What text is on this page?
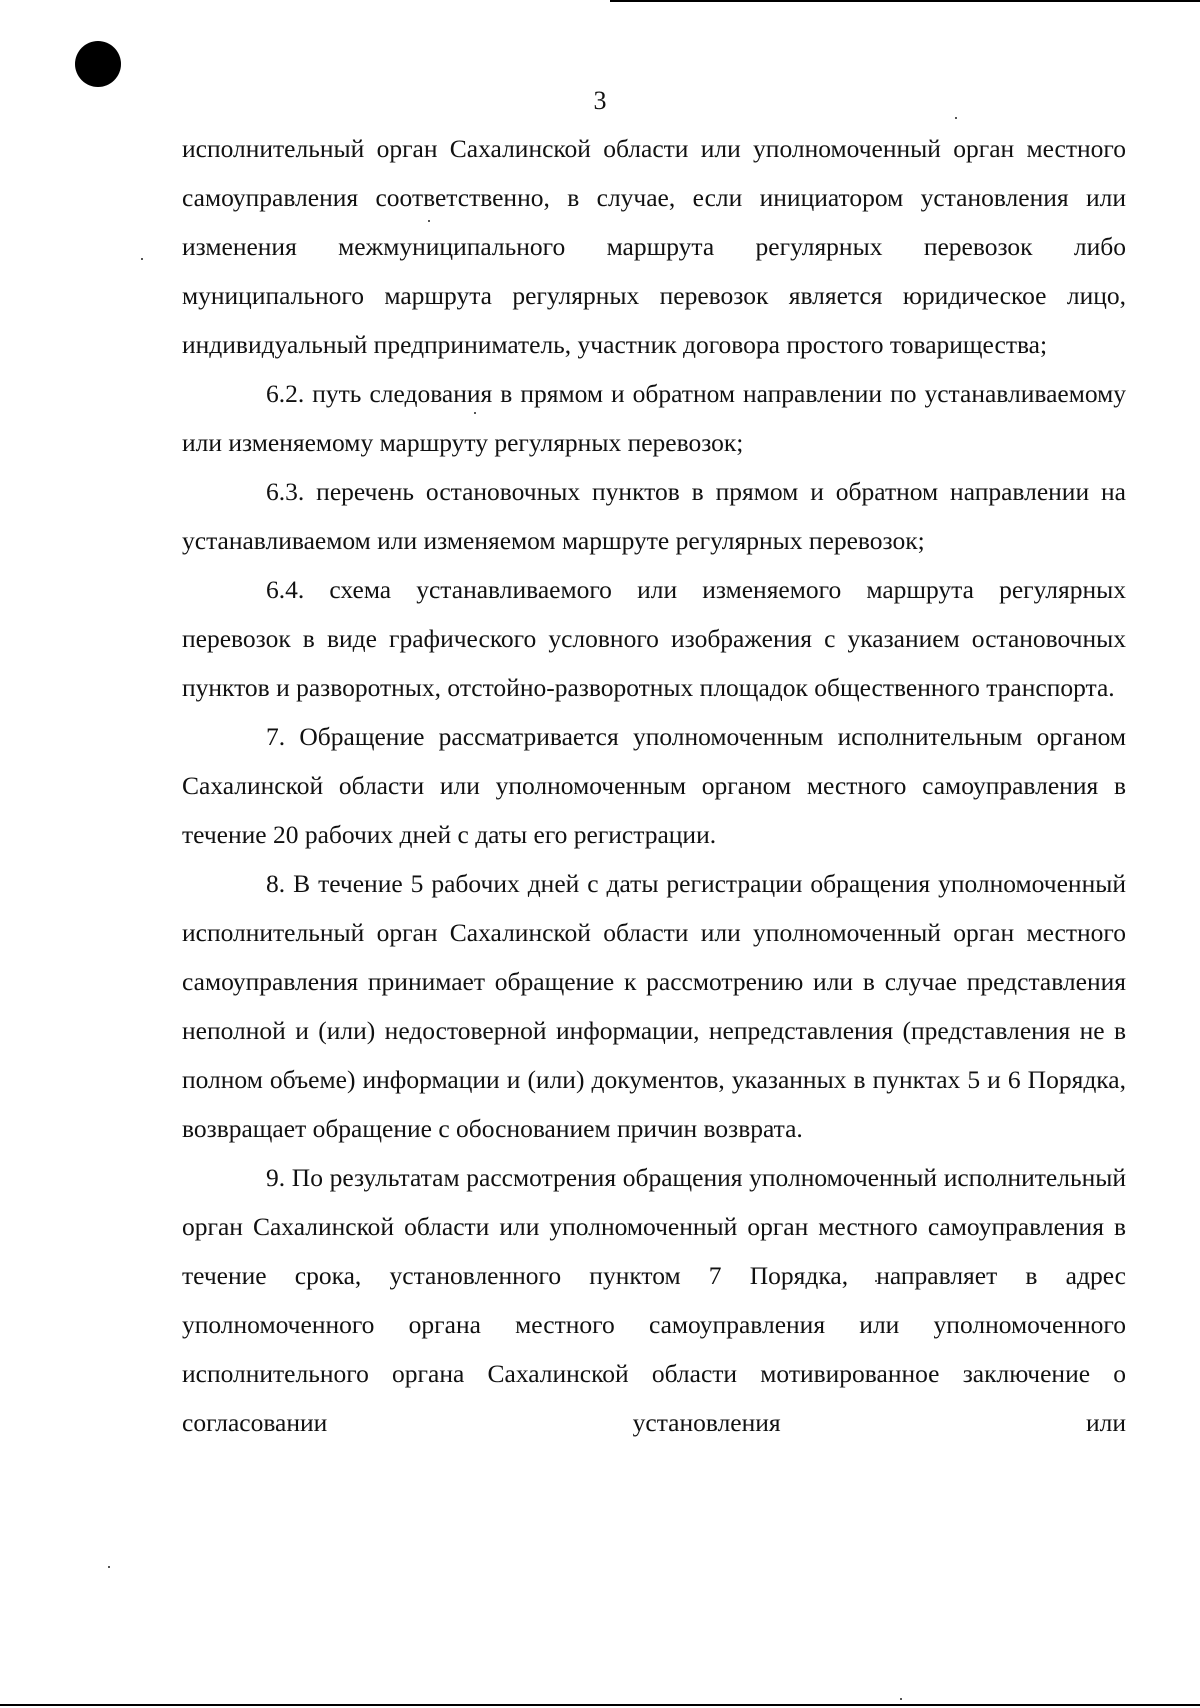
3

исполнительный орган Сахалинской области или уполномоченный орган местного самоуправления соответственно, в случае, если инициатором установления или изменения межмуниципального маршрута регулярных перевозок либо муниципального маршрута регулярных перевозок является юридическое лицо, индивидуальный предприниматель, участник договора простого товарищества;

6.2. путь следования в прямом и обратном направлении по устанавливаемому или изменяемому маршруту регулярных перевозок;

6.3. перечень остановочных пунктов в прямом и обратном направлении на устанавливаемом или изменяемом маршруте регулярных перевозок;

6.4. схема устанавливаемого или изменяемого маршрута регулярных перевозок в виде графического условного изображения с указанием остановочных пунктов и разворотных, отстойно-разворотных площадок общественного транспорта.

7. Обращение рассматривается уполномоченным исполнительным органом Сахалинской области или уполномоченным органом местного самоуправления в течение 20 рабочих дней с даты его регистрации.

8. В течение 5 рабочих дней с даты регистрации обращения уполномоченный исполнительный орган Сахалинской области или уполномоченный орган местного самоуправления принимает обращение к рассмотрению или в случае представления неполной и (или) недостоверной информации, непредставления (представления не в полном объеме) информации и (или) документов, указанных в пунктах 5 и 6 Порядка, возвращает обращение с обоснованием причин возврата.

9. По результатам рассмотрения обращения уполномоченный исполнительный орган Сахалинской области или уполномоченный орган местного самоуправления в течение срока, установленного пунктом 7 Порядка, направляет в адрес уполномоченного органа местного самоуправления или уполномоченного исполнительного органа Сахалинской области мотивированное заключение о согласовании установления или
